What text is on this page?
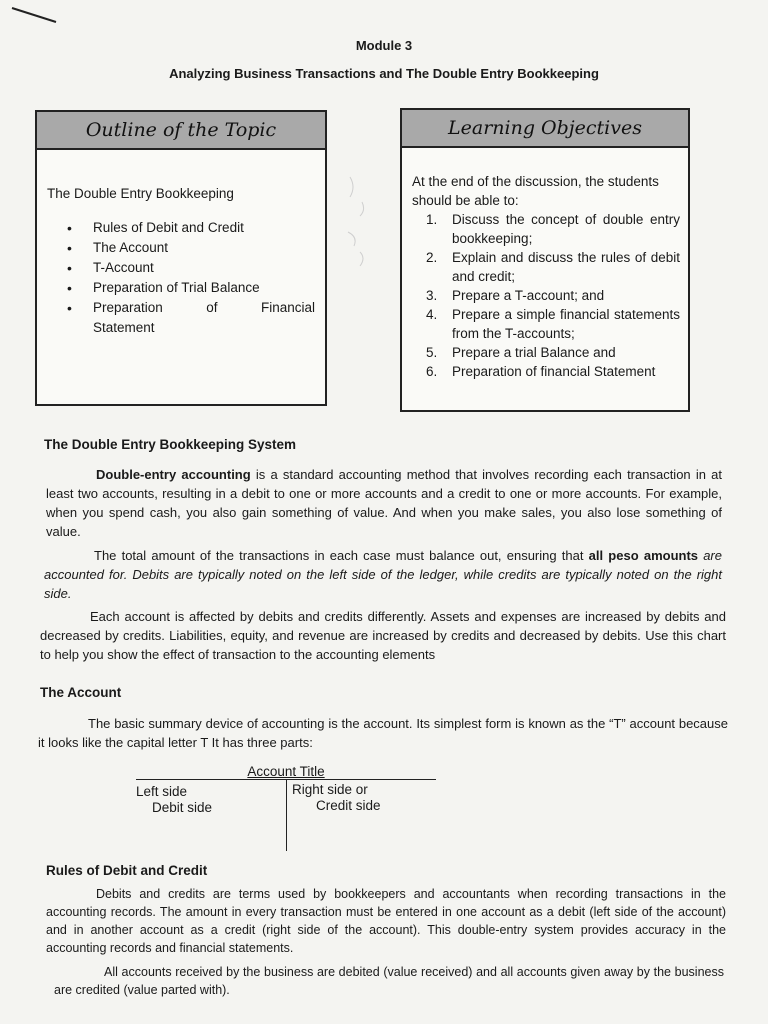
Module 3
Analyzing Business Transactions and The Double Entry Bookkeeping
Outline of the Topic
The Double Entry Bookkeeping
• Rules of Debit and Credit
• The Account
• T-Account
• Preparation of Trial Balance
• Preparation	of	Financial
Statement
Learning Objectives
At the end of the discussion, the students should be able to:
1. Discuss the concept of double entry bookkeeping;
2. Explain and discuss the rules of debit and credit;
3. Prepare a T-account; and
4. Prepare a simple financial statements from the T-accounts;
5. Prepare a trial Balance and
6. Preparation of financial Statement
The Double Entry Bookkeeping System
Double-entry accounting is a standard accounting method that involves recording each transaction in at least two accounts, resulting in a debit to one or more accounts and a credit to one or more accounts. For example, when you spend cash, you also gain something of value. And when you make sales, you also lose something of value.
The total amount of the transactions in each case must balance out, ensuring that all peso amounts are accounted for. Debits are typically noted on the left side of the ledger, while credits are typically noted on the right side.
Each account is affected by debits and credits differently. Assets and expenses are increased by debits and decreased by credits. Liabilities, equity, and revenue are increased by credits and decreased by debits. Use this chart to help you show the effect of transaction to the accounting elements
The Account
The basic summary device of accounting is the account. Its simplest form is known as the “T” account because it looks like the capital letter T It has three parts:
Account Title
Left side
Debit side
Right side or
Credit side
Rules of Debit and Credit
Debits and credits are terms used by bookkeepers and accountants when recording transactions in the accounting records. The amount in every transaction must be entered in one account as a debit (left side of the account) and in another account as a credit (right side of the account). This double-entry system provides accuracy in the accounting records and financial statements.
All accounts received by the business are debited (value received) and all accounts given away by the business are credited (value parted with).
